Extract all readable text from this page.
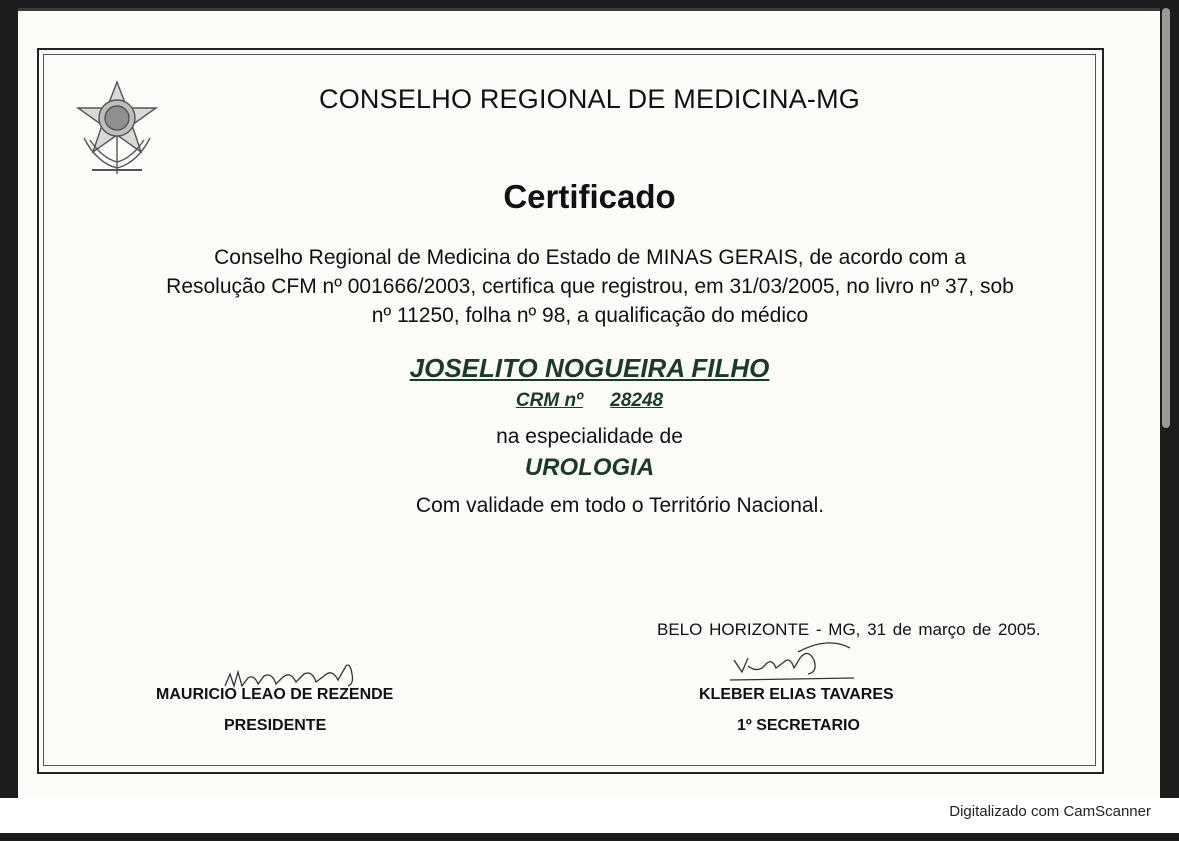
CONSELHO REGIONAL DE MEDICINA-MG
Certificado
Conselho Regional de Medicina do Estado de MINAS GERAIS, de acordo com a
Resolução CFM nº 001666/2003, certifica que registrou, em 31/03/2005, no livro nº 37, sob
nº 11250, folha nº 98, a qualificação do médico
JOSELITO NOGUEIRA FILHO
CRM nº 28248
na especialidade de
UROLOGIA
Com validade em todo o Território Nacional.
BELO HORIZONTE - MG, 31 de março de 2005.
MAURICIO LEAO DE REZENDE
PRESIDENTE
KLEBER ELIAS TAVARES
1º SECRETARIO
Digitalizado com CamScanner
